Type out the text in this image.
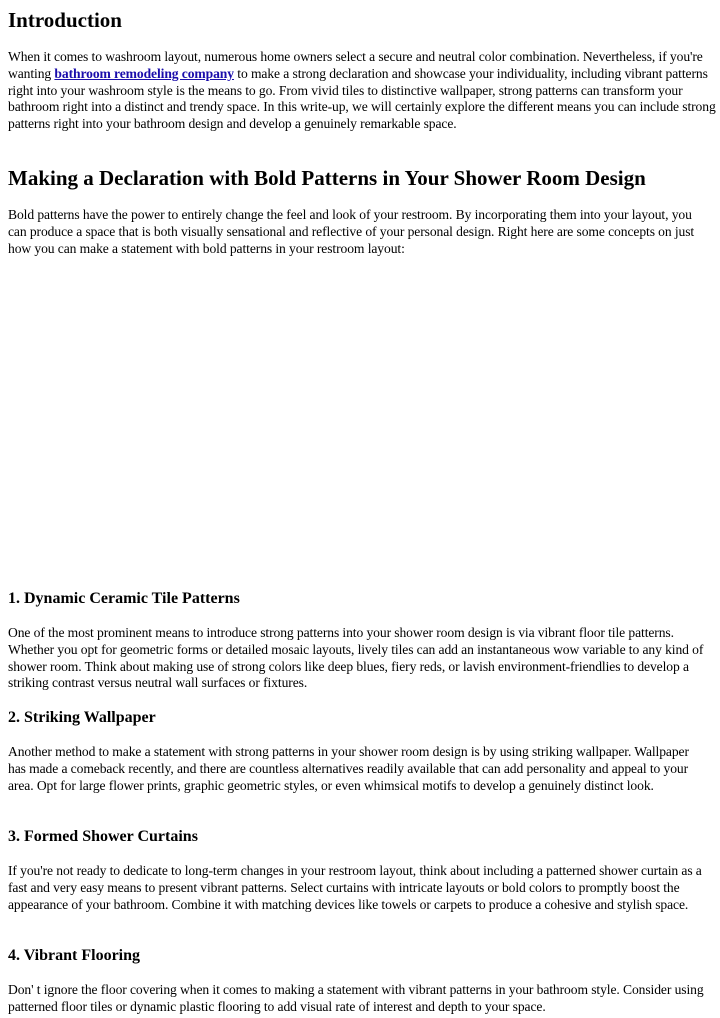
Introduction

When it comes to washroom layout, numerous home owners select a secure and neutral color combination. Nevertheless, if you're wanting bathroom remodeling company to make a strong declaration and showcase your individuality, including vibrant patterns right into your washroom style is the means to go. From vivid tiles to distinctive wallpaper, strong patterns can transform your bathroom right into a distinct and trendy space. In this write-up, we will certainly explore the different means you can include strong patterns right into your bathroom design and develop a genuinely remarkable space.

Making a Declaration with Bold Patterns in Your Shower Room Design

Bold patterns have the power to entirely change the feel and look of your restroom. By incorporating them into your layout, you can produce a space that is both visually sensational and reflective of your personal design. Right here are some concepts on just how you can make a statement with bold patterns in your restroom layout:

1. Dynamic Ceramic Tile Patterns

One of the most prominent means to introduce strong patterns into your shower room design is via vibrant floor tile patterns. Whether you opt for geometric forms or detailed mosaic layouts, lively tiles can add an instantaneous wow variable to any kind of shower room. Think about making use of strong colors like deep blues, fiery reds, or lavish environment-friendlies to develop a striking contrast versus neutral wall surfaces or fixtures.

2. Striking Wallpaper

Another method to make a statement with strong patterns in your shower room design is by using striking wallpaper. Wallpaper has made a comeback recently, and there are countless alternatives readily available that can add personality and appeal to your area. Opt for large flower prints, graphic geometric styles, or even whimsical motifs to develop a genuinely distinct look.

3. Formed Shower Curtains

If you're not ready to dedicate to long-term changes in your restroom layout, think about including a patterned shower curtain as a fast and very easy means to present vibrant patterns. Select curtains with intricate layouts or bold colors to promptly boost the appearance of your bathroom. Combine it with matching devices like towels or carpets to produce a cohesive and stylish space.

4. Vibrant Flooring

Don' t ignore the floor covering when it comes to making a statement with vibrant patterns in your bathroom style. Consider using patterned floor tiles or dynamic plastic flooring to add visual rate of interest and depth to your space.
